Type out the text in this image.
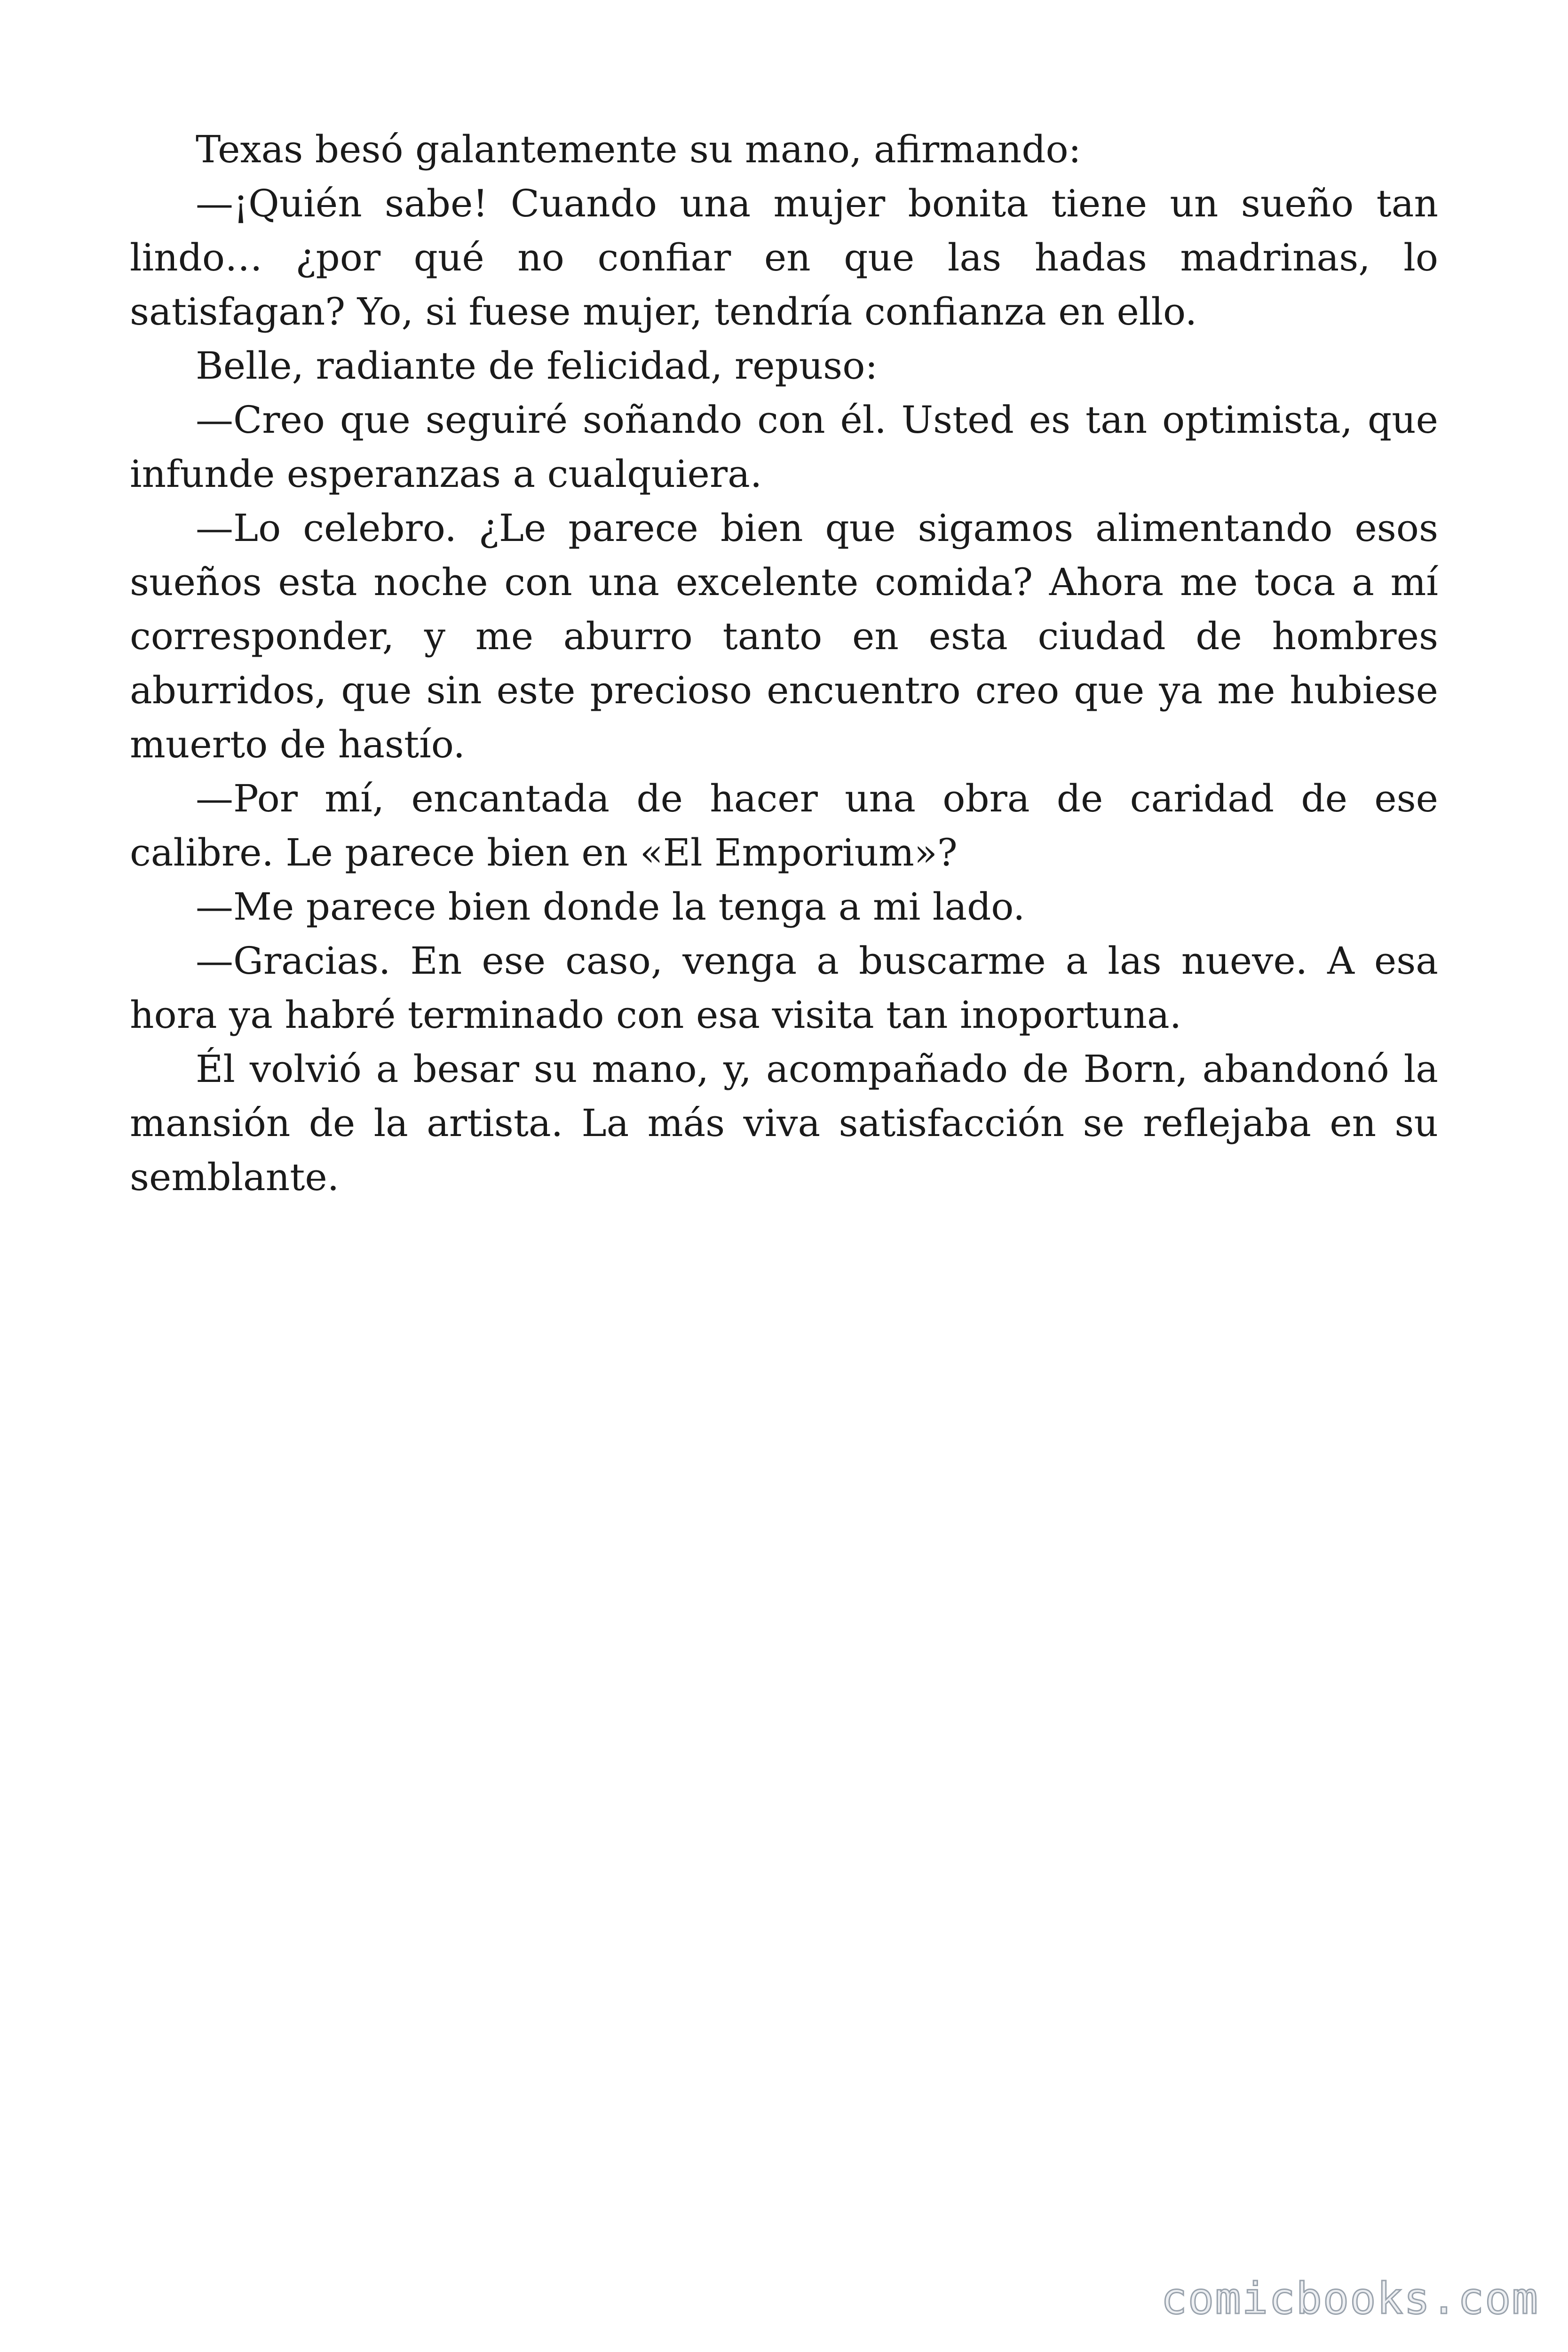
Texas besó galantemente su mano, afirmando:

—¡Quién sabe! Cuando una mujer bonita tiene un sueño tan lindo… ¿por qué no confiar en que las hadas madrinas, lo satisfagan? Yo, si fuese mujer, tendría confianza en ello.

Belle, radiante de felicidad, repuso:

—Creo que seguiré soñando con él. Usted es tan optimista, que infunde esperanzas a cualquiera.

—Lo celebro. ¿Le parece bien que sigamos alimentando esos sueños esta noche con una excelente comida? Ahora me toca a mí corresponder, y me aburro tanto en esta ciudad de hombres aburridos, que sin este precioso encuentro creo que ya me hubiese muerto de hastío.

—Por mí, encantada de hacer una obra de caridad de ese calibre. Le parece bien en «El Emporium»?

—Me parece bien donde la tenga a mi lado.

—Gracias. En ese caso, venga a buscarme a las nueve. A esa hora ya habré terminado con esa visita tan inoportuna.

Él volvió a besar su mano, y, acompañado de Born, abandonó la mansión de la artista. La más viva satisfacción se reflejaba en su semblante.

comicbooks.com
